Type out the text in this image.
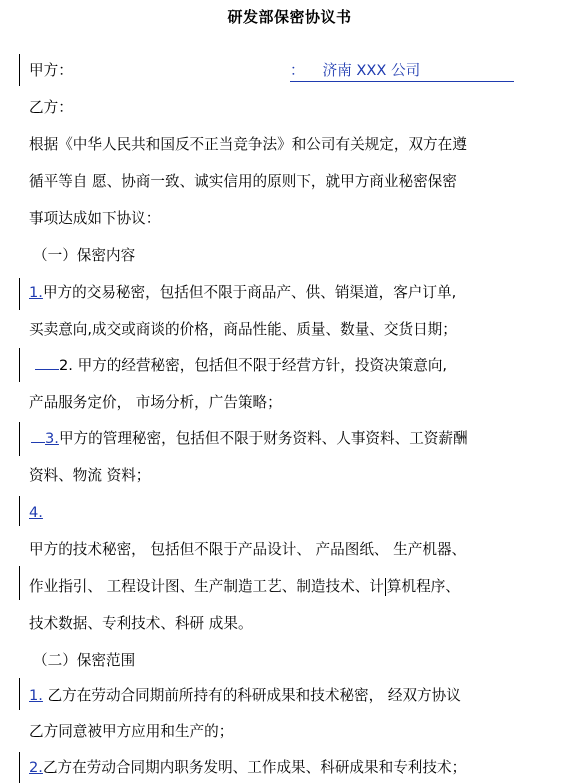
研发部保密协议书
甲方：	： 济南 XXX 公司
乙方：
根据《中华人民共和国反不正当竞争法》和公司有关规定，双方在遵
循平等自 愿、协商一致、诚实信用的原则下，就甲方商业秘密保密
事项达成如下协议：
（一）保密内容
1.甲方的交易秘密，包括但不限于商品产、供、销渠道，客户订单,
买卖意向,成交或商谈的价格，商品性能、质量、数量、交货日期；
2. 甲方的经营秘密，包括但不限于经营方针，投资决策意向,
产品服务定价， 市场分析，广告策略；
3.甲方的管理秘密，包括但不限于财务资料、人事资料、工资薪酬
资料、物流 资料；
4.
甲方的技术秘密， 包括但不限于产品设计、 产品图纸、 生产机器、
作业指引、 工程设计图、生产制造工艺、制造技术、计 算机程序、
技术数据、专利技术、科研 成果。
（二）保密范围
1. 乙方在劳动合同期前所持有的科研成果和技术秘密， 经双方协议
乙方同意被甲方应用和生产的；
2.乙方在劳动合同期内职务发明、工作成果、科研成果和专利技术；
